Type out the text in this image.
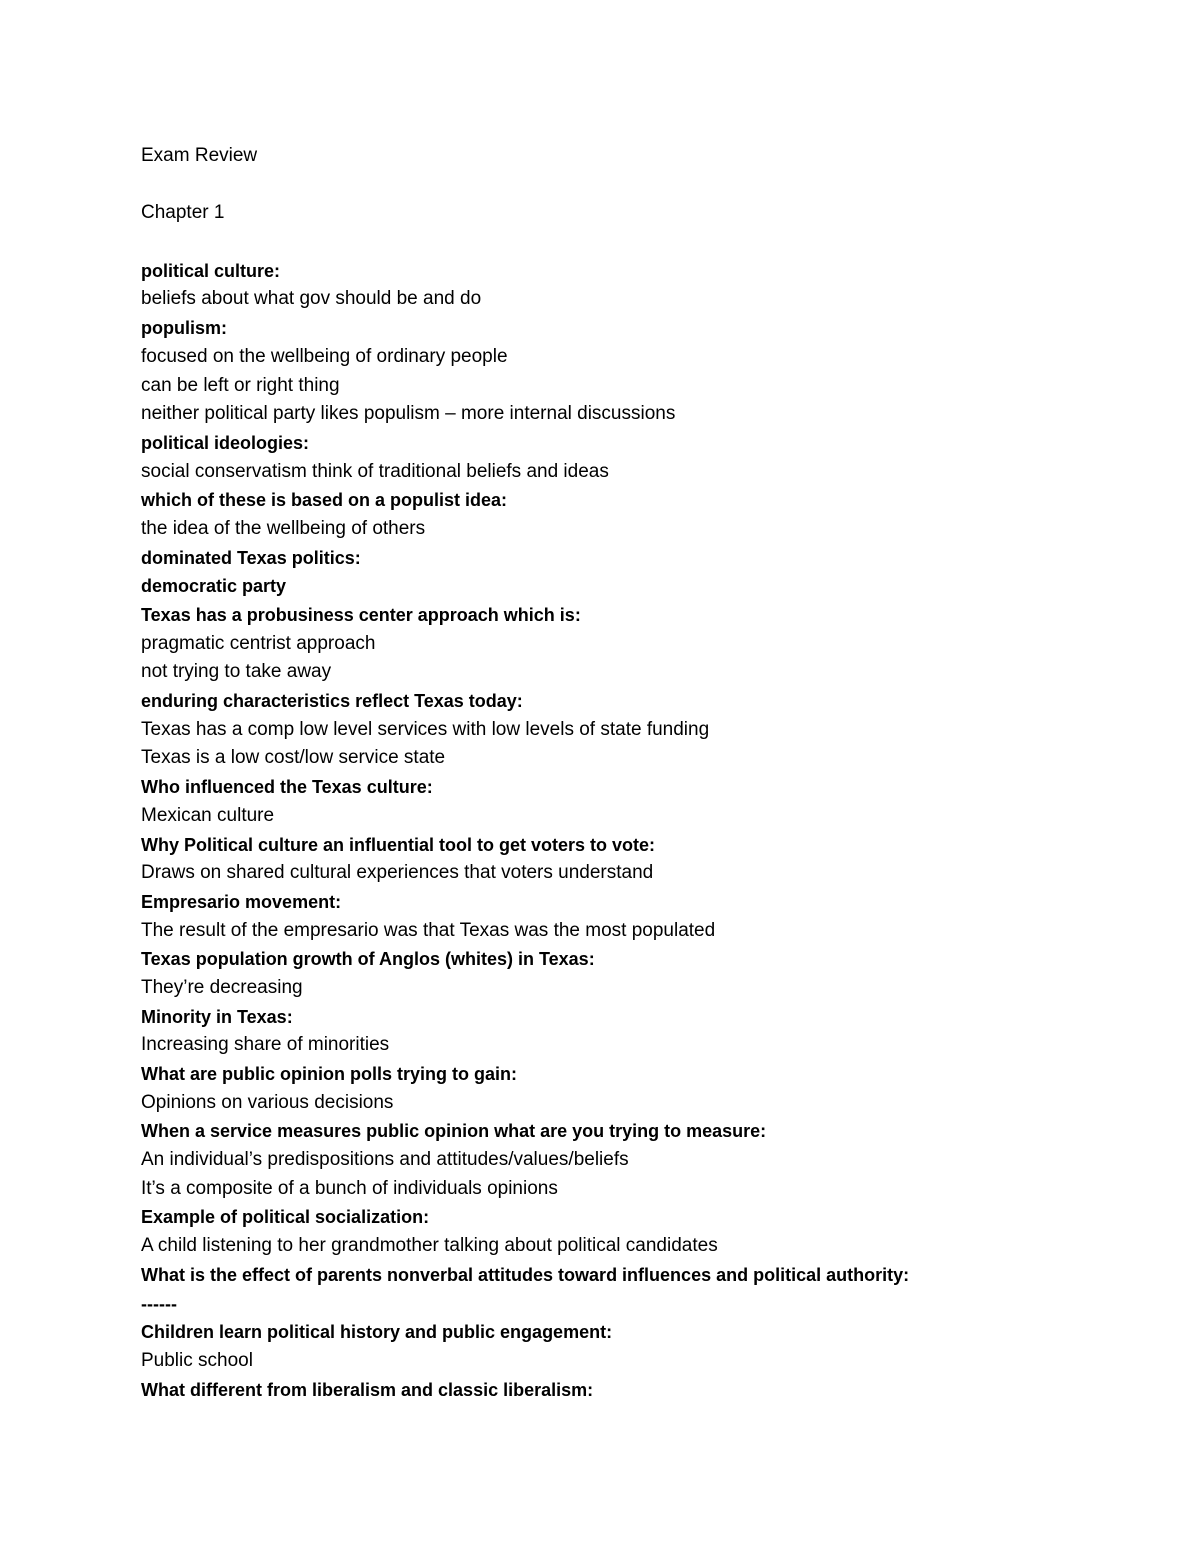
Exam Review
Chapter 1
political culture:
beliefs about what gov should be and do
populism:
focused on the wellbeing of ordinary people
can be left or right thing
neither political party likes populism – more internal discussions
political ideologies:
social conservatism think of traditional beliefs and ideas
which of these is based on a populist idea:
the idea of the wellbeing of others
dominated Texas politics:
democratic party
Texas has a probusiness center approach which is:
pragmatic centrist approach
not trying to take away
enduring characteristics reflect Texas today:
Texas has a comp low level services with low levels of state funding
Texas is a low cost/low service state
Who influenced the Texas culture:
Mexican culture
Why Political culture an influential tool to get voters to vote:
Draws on shared cultural experiences that voters understand
Empresario movement:
The result of the empresario was that Texas was the most populated
Texas population growth of Anglos (whites) in Texas:
They’re decreasing
Minority in Texas:
Increasing share of minorities
What are public opinion polls trying to gain:
Opinions on various decisions
When a service measures public opinion what are you trying to measure:
An individual’s predispositions and attitudes/values/beliefs
It’s a composite of a bunch of individuals opinions
Example of political socialization:
A child listening to her grandmother talking about political candidates
What is the effect of parents nonverbal attitudes toward influences and political authority:
------
Children learn political history and public engagement:
Public school
What different from liberalism and classic liberalism:
